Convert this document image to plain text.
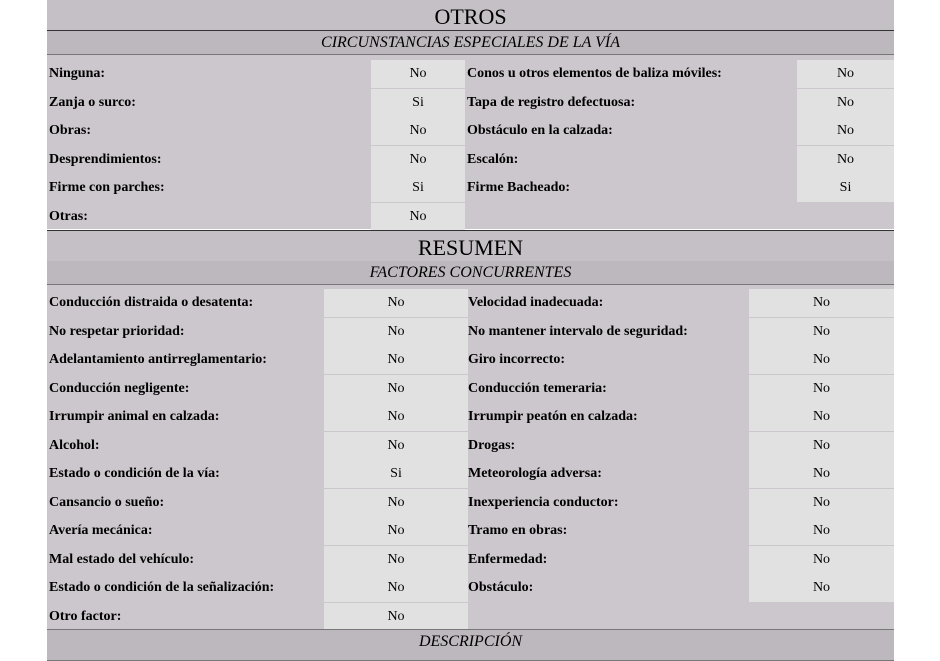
OTROS
CIRCUNSTANCIAS ESPECIALES DE LA VÍA
Ninguna:	No	Conos u otros elementos de baliza móviles:	No
Zanja o surco:	Si	Tapa de registro defectuosa:	No
Obras:	No	Obstáculo en la calzada:	No
Desprendimientos:	No	Escalón:	No
Firme con parches:	Si	Firme Bacheado:	Si
Otras:	No
RESUMEN
FACTORES CONCURRENTES
Conducción distraida o desatenta:	No	Velocidad inadecuada:	No
No respetar prioridad:	No	No mantener intervalo de seguridad:	No
Adelantamiento antirreglamentario:	No	Giro incorrecto:	No
Conducción negligente:	No	Conducción temeraria:	No
Irrumpir animal en calzada:	No	Irrumpir peatón en calzada:	No
Alcohol:	No	Drogas:	No
Estado o condición de la vía:	Si	Meteorología adversa:	No
Cansancio o sueño:	No	Inexperiencia conductor:	No
Avería mecánica:	No	Tramo en obras:	No
Mal estado del vehículo:	No	Enfermedad:	No
Estado o condición de la señalización:	No	Obstáculo:	No
Otro factor:	No
DESCRIPCIÓN
